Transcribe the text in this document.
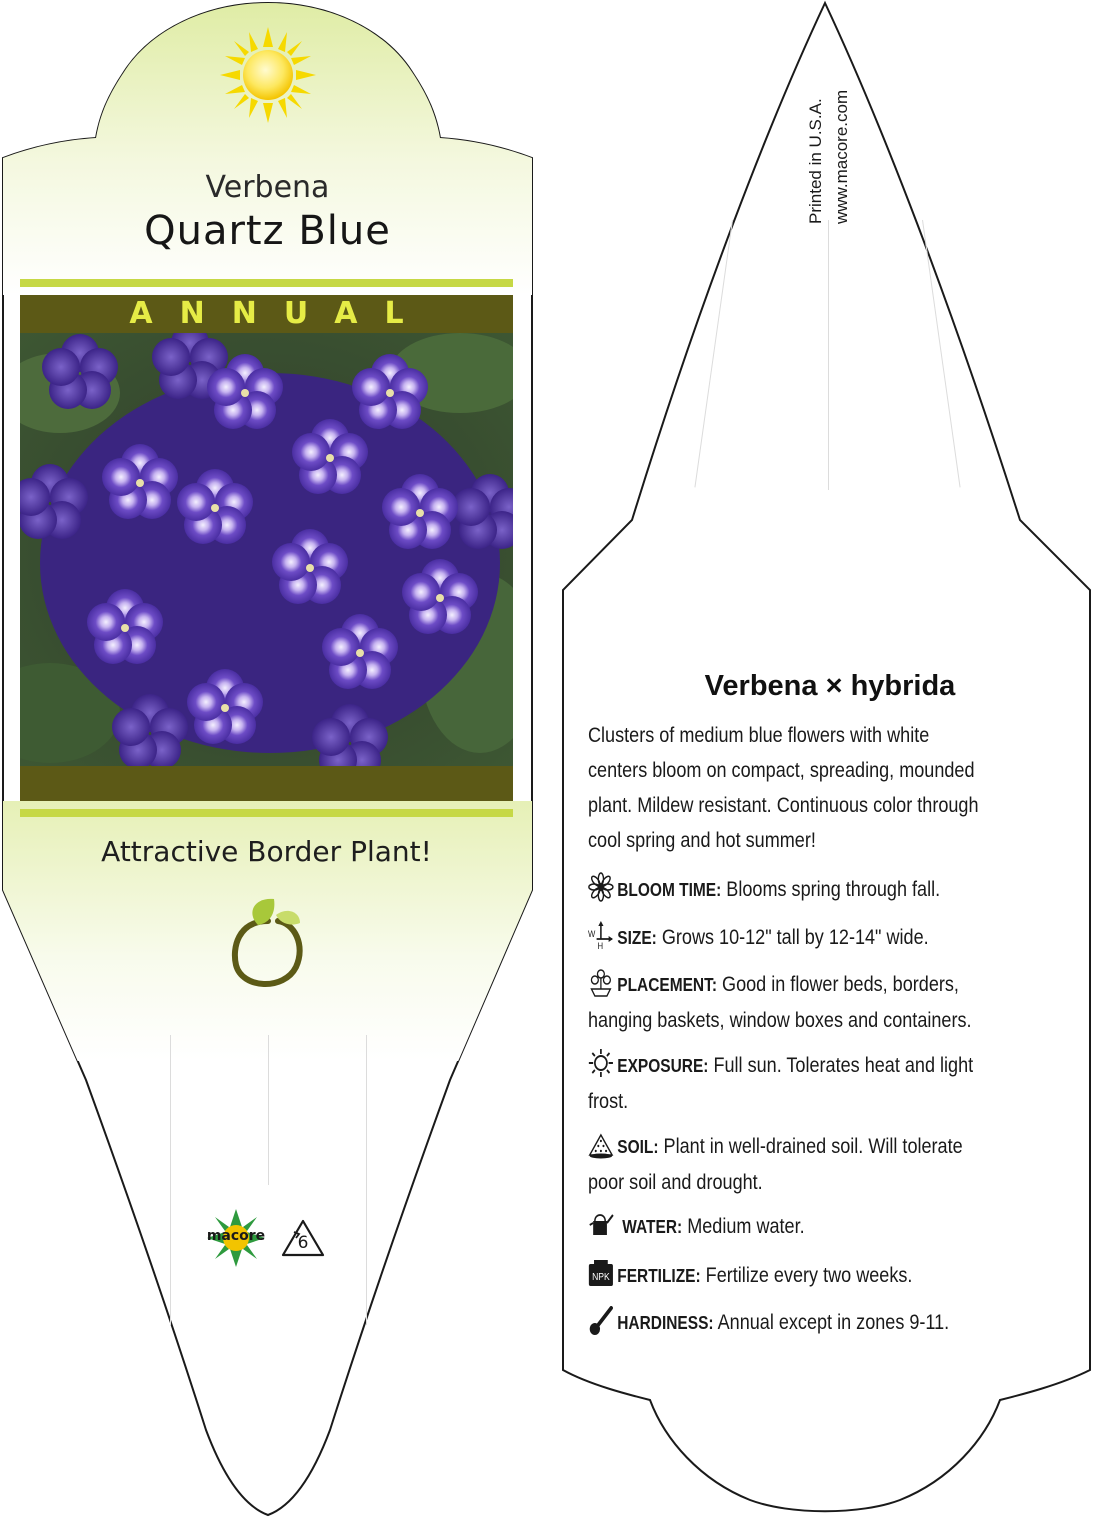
Verbena
Quartz Blue
ANNUAL
Attractive Border Plant!
macore	6
Printed in U.S.A. www.macore.com
Verbena × hybrida
Clusters of medium blue flowers with white
centers bloom on compact, spreading, mounded
plant. Mildew resistant. Continuous color through
cool spring and hot summer!
BLOOM TIME: Blooms spring through fall.
W
H SIZE: Grows 10-12" tall by 12-14" wide.
PLACEMENT: Good in flower beds, borders,
hanging baskets, window boxes and containers.
EXPOSURE: Full sun. Tolerates heat and light
frost.
SOIL: Plant in well-drained soil. Will tolerate
poor soil and drought.
WATER: Medium water.
NPK FERTILIZE: Fertilize every two weeks.
HARDINESS: Annual except in zones 9-11.
